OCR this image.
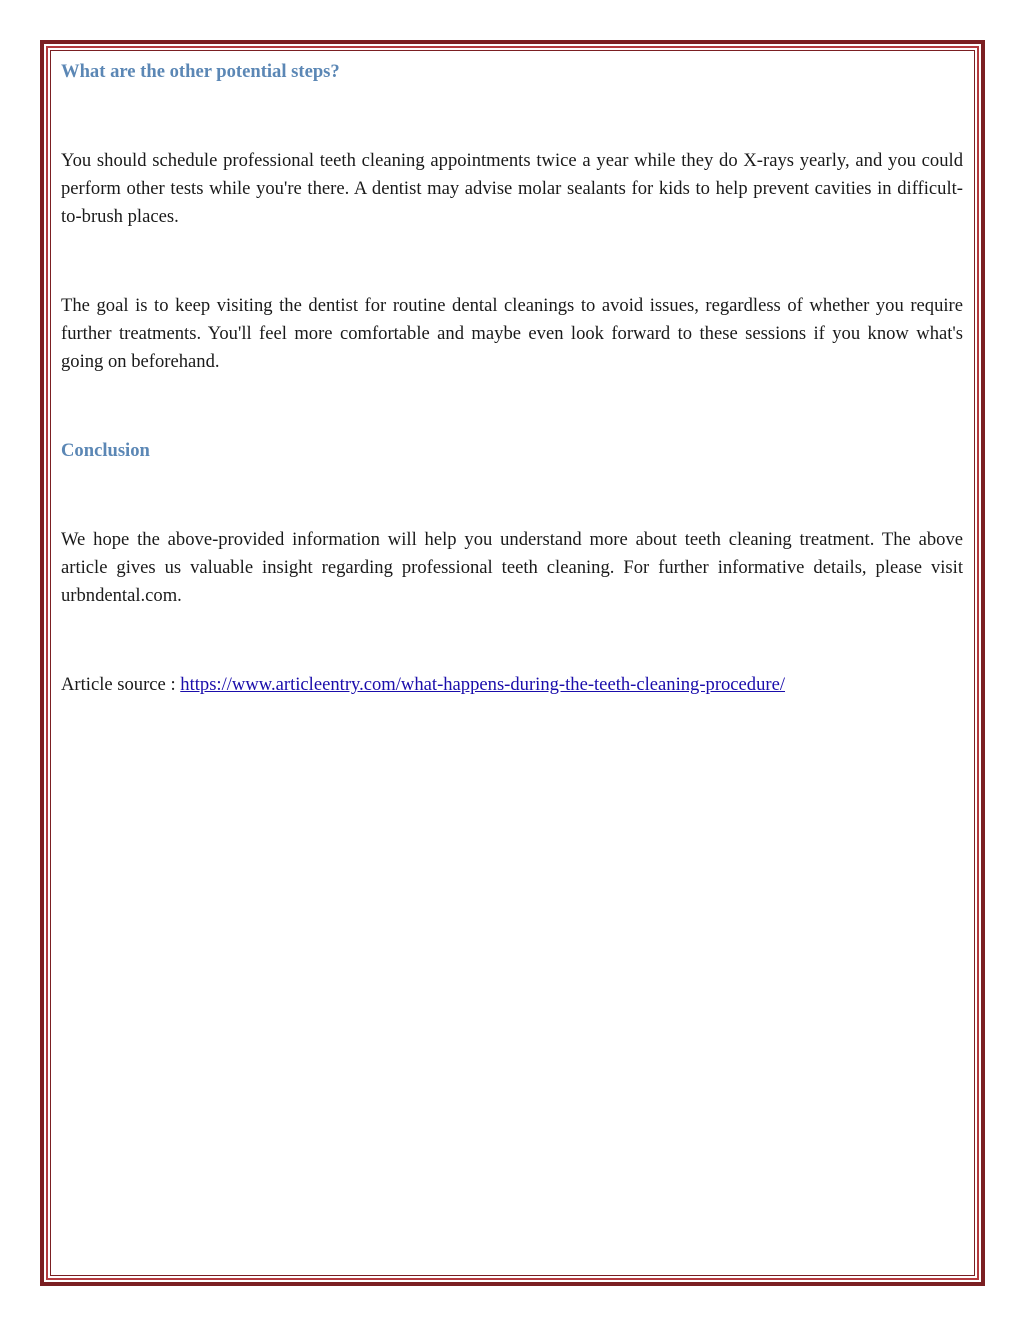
What are the other potential steps?

You should schedule professional teeth cleaning appointments twice a year while they do X-rays yearly, and you could perform other tests while you're there. A dentist may advise molar sealants for kids to help prevent cavities in difficult-to-brush places.

The goal is to keep visiting the dentist for routine dental cleanings to avoid issues, regardless of whether you require further treatments. You'll feel more comfortable and maybe even look forward to these sessions if you know what's going on beforehand.

Conclusion

We hope the above-provided information will help you understand more about teeth cleaning treatment. The above article gives us valuable insight regarding professional teeth cleaning. For further informative details, please visit urbndental.com.

Article source : https://www.articleentry.com/what-happens-during-the-teeth-cleaning-procedure/
